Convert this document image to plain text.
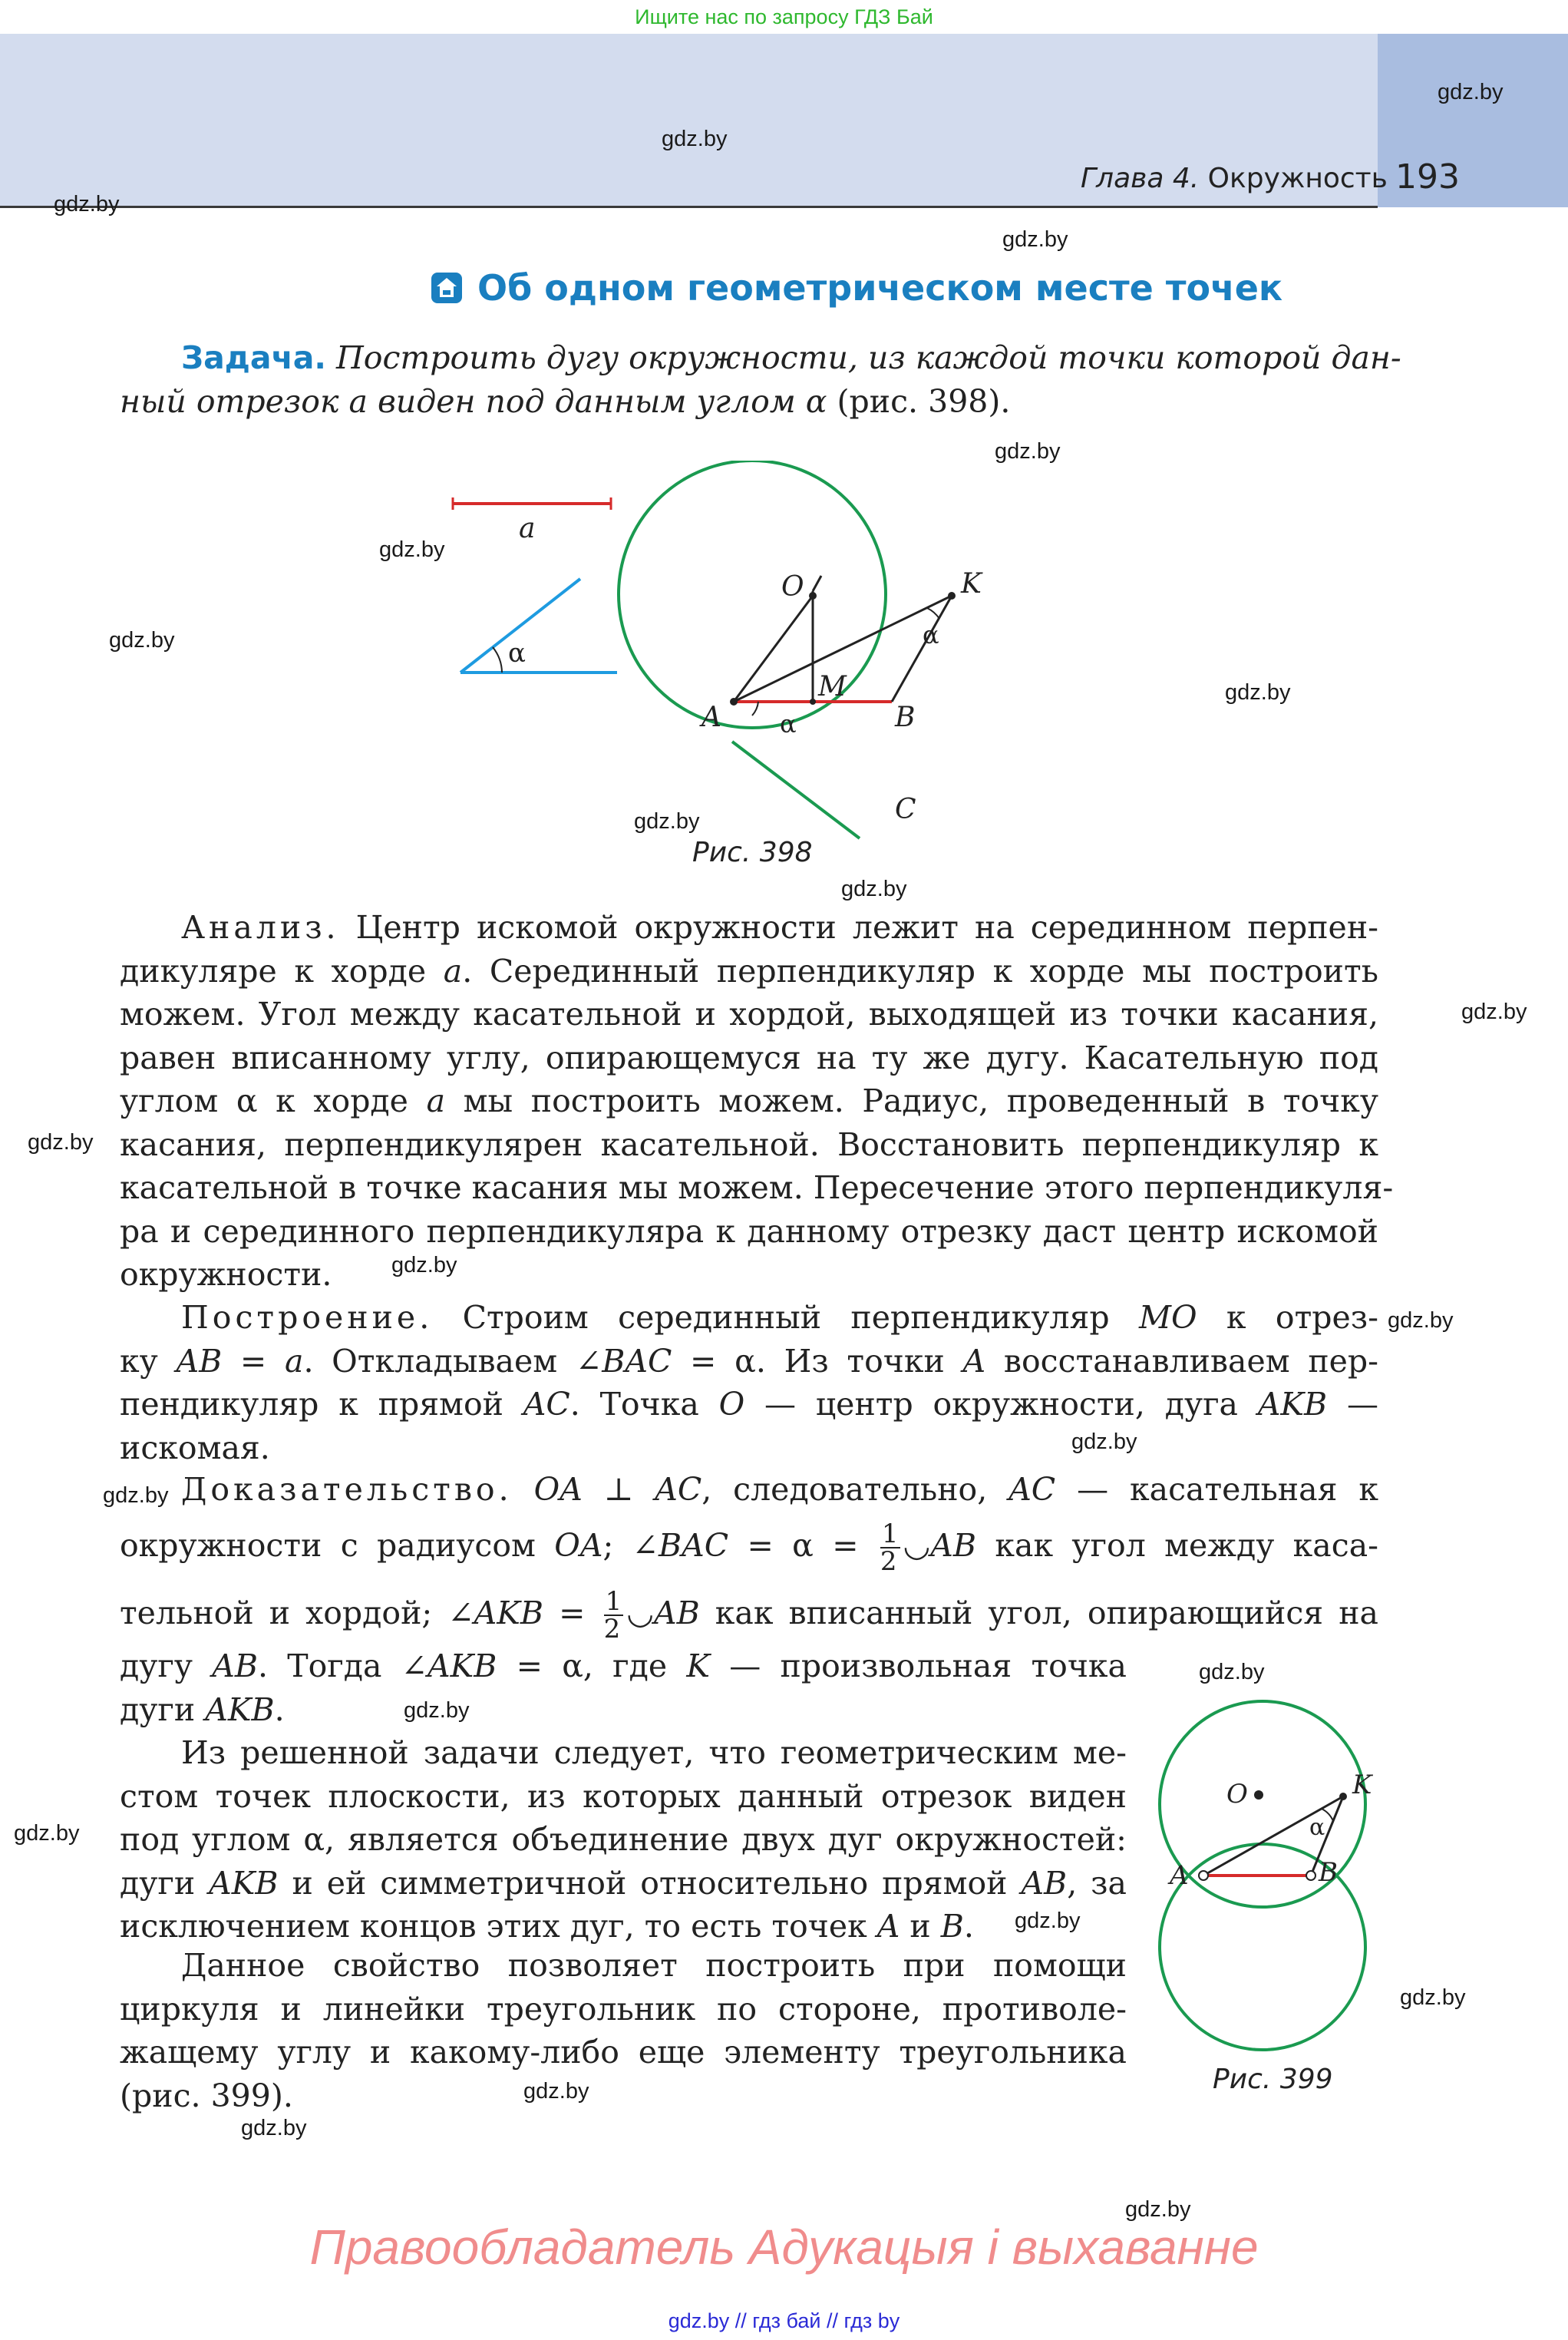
Ищите нас по запросу ГДЗ Бай
Глава 4. Окружность 193
Об одном геометрическом месте точек
Задача. Построить дугу окружности, из каждой точки которой дан-
ный отрезок a виден под данным углом α (рис. 398).
a
α
O	K
M
A	B
C
α
α
Рис. 398
Анализ. Центр искомой окружности лежит на серединном перпен-
дикуляре к хорде a. Серединный перпендикуляр к хорде мы построить
можем. Угол между касательной и хордой, выходящей из точки касания,
равен вписанному углу, опирающемуся на ту же дугу. Касательную под
углом α к хорде a мы построить можем. Радиус, проведенный в точку
касания, перпендикулярен касательной. Восстановить перпендикуляр к
касательной в точке касания мы можем. Пересечение этого перпендикуля-
ра и серединного перпендикуляра к данному отрезку даст центр искомой
окружности.
Построение. Строим серединный перпендикуляр MO к отрез-
ку AB = a. Откладываем ∠BAC = α. Из точки A восстанавливаем пер-
пендикуляр к прямой AC. Точка O — центр окружности, дуга AKB —
искомая.
Доказательство. OA ⊥ AC, следовательно, AC — касательная к
окружности с радиусом OA; ∠BAC = $\alpha = \frac{1}{2}$ ◡AB как угол между каса-
тельной и хордой; ∠AKB = $\frac{1}{2}$ ◡AB как вписанный угол, опирающийся на
дугу AB. Тогда ∠AKB = α, где K — произвольная точка
дуги AKB.
Из решенной задачи следует, что геометрическим ме-
стом точек плоскости, из которых данный отрезок виден
под углом α, является объединение двух дуг окружностей:
дуги AKB и ей симметричной относительно прямой AB, за
исключением концов этих дуг, то есть точек A и B.
Данное свойство позволяет построить при помощи
циркуля и линейки треугольник по стороне, противоле-
жащему углу и какому-либо еще элементу треугольника
(рис. 399).
O	K
A	B
α
Рис. 399
gdz.by
gdz.by
gdz.by
gdz.by
gdz.by
gdz.by
gdz.by
gdz.by
gdz.by
gdz.by
gdz.by
gdz.by
gdz.by
gdz.by
gdz.by
gdz.by
gdz.by
gdz.by
gdz.by
gdz.by
gdz.by
gdz.by
gdz.by
gdz.by
Правообладатель Адукацыя і выхаванне
gdz.by // гдз бай // гдз by
